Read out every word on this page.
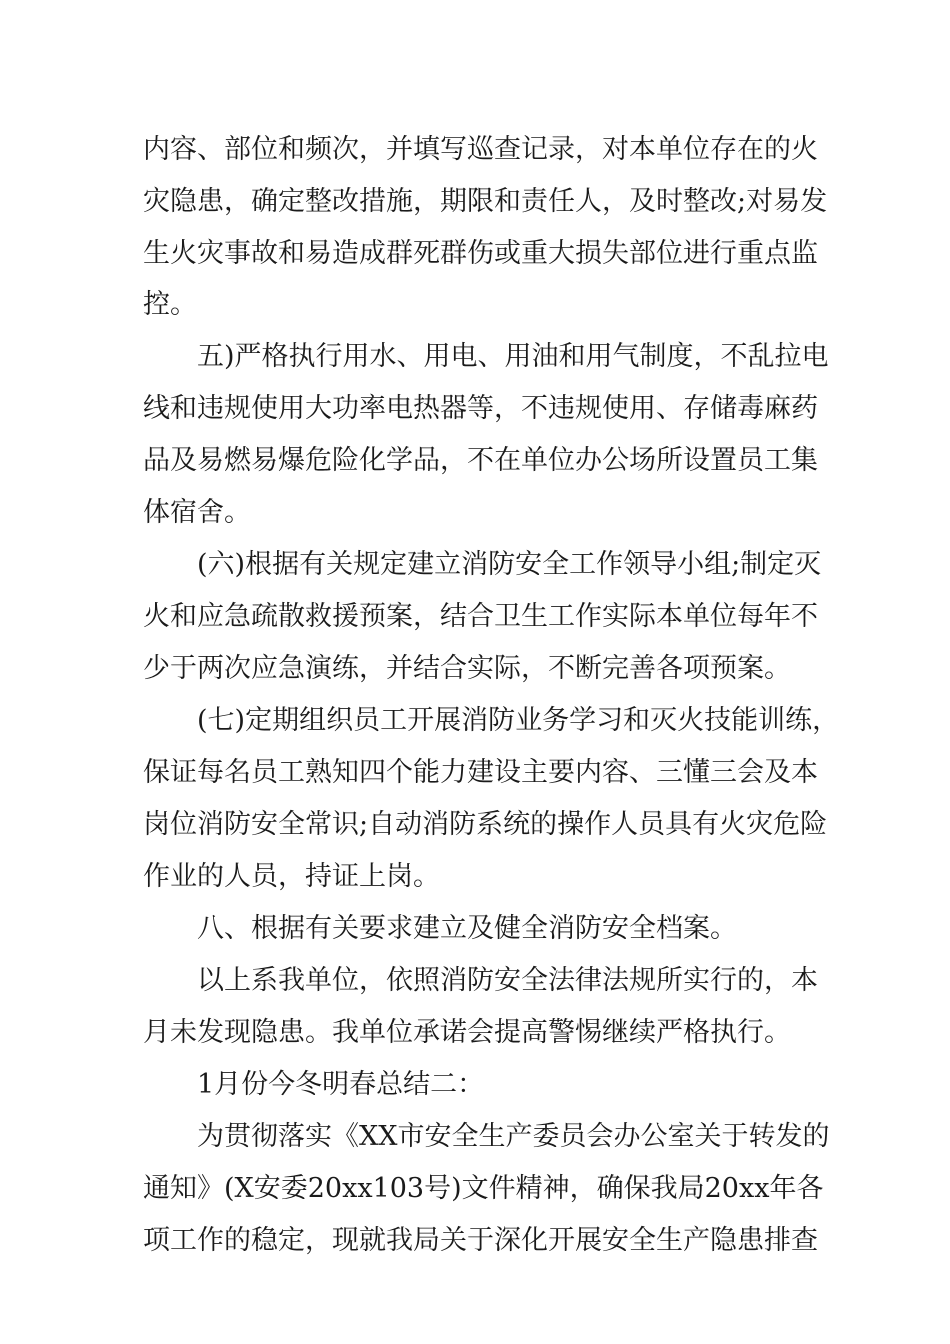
内容、部位和频次，并填写巡查记录，对本单位存在的火
灾隐患，确定整改措施，期限和责任人，及时整改;对易发
生火灾事故和易造成群死群伤或重大损失部位进行重点监
控。
五)严格执行用水、用电、用油和用气制度，不乱拉电
线和违规使用大功率电热器等，不违规使用、存储毒麻药
品及易燃易爆危险化学品，不在单位办公场所设置员工集
体宿舍。
(六)根据有关规定建立消防安全工作领导小组;制定灭
火和应急疏散救援预案，结合卫生工作实际本单位每年不
少于两次应急演练，并结合实际，不断完善各项预案。
(七)定期组织员工开展消防业务学习和灭火技能训练，
保证每名员工熟知四个能力建设主要内容、三懂三会及本
岗位消防安全常识;自动消防系统的操作人员具有火灾危险
作业的人员，持证上岗。
八、根据有关要求建立及健全消防安全档案。
以上系我单位，依照消防安全法律法规所实行的，本
月未发现隐患。我单位承诺会提高警惕继续严格执行。
1月份今冬明春总结二：
为贯彻落实《XX市安全生产委员会办公室关于转发的
通知》(X安委20xx103号)文件精神，确保我局20xx年各
项工作的稳定，现就我局关于深化开展安全生产隐患排查
